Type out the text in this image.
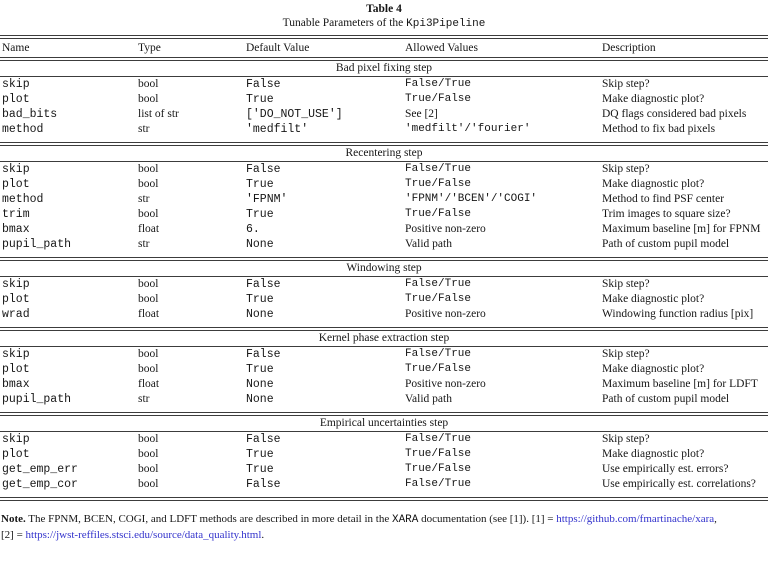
Table 4
Tunable Parameters of the Kpi3Pipeline
Name	Type	Default Value	Allowed Values	Description
Bad pixel fixing step				
skip	bool	False	False/True	Skip step?
plot	bool	True	True/False	Make diagnostic plot?
bad_bits	list of str	['DO_NOT_USE']	See [2]	DQ flags considered bad pixels
method	str	'medfilt'	'medfilt'/'fourier'	Method to fix bad pixels
Recentering step				
skip	bool	False	False/True	Skip step?
plot	bool	True	True/False	Make diagnostic plot?
method	str	'FPNM'	'FPNM'/'BCEN'/'COGI'	Method to find PSF center
trim	bool	True	True/False	Trim images to square size?
bmax	float	6.	Positive non-zero	Maximum baseline [m] for FPNM
pupil_path	str	None	Valid path	Path of custom pupil model
Windowing step				
skip	bool	False	False/True	Skip step?
plot	bool	True	True/False	Make diagnostic plot?
wrad	float	None	Positive non-zero	Windowing function radius [pix]
Kernel phase extraction step				
skip	bool	False	False/True	Skip step?
plot	bool	True	True/False	Make diagnostic plot?
bmax	float	None	Positive non-zero	Maximum baseline [m] for LDFT
pupil_path	str	None	Valid path	Path of custom pupil model
Empirical uncertainties step				
skip	bool	False	False/True	Skip step?
plot	bool	True	True/False	Make diagnostic plot?
get_emp_err	bool	True	True/False	Use empirically est. errors?
get_emp_cor	bool	False	False/True	Use empirically est. correlations?
Note. The FPNM, BCEN, COGI, and LDFT methods are described in more detail in the XARA documentation (see [1]). [1] = https://github.com/fmartinache/xara,
[2] = https://jwst-reffiles.stsci.edu/source/data_quality.html.
